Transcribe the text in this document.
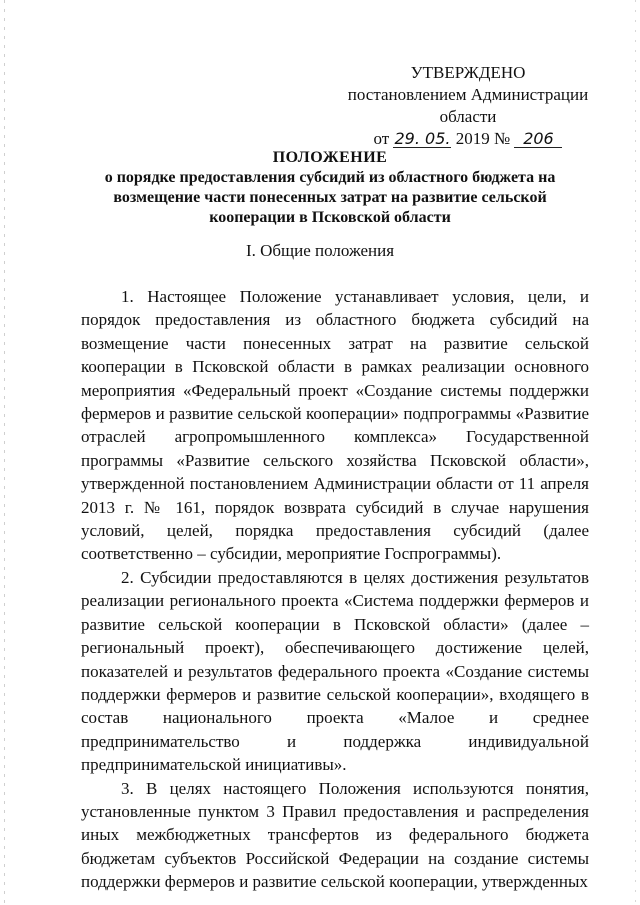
УТВЕРЖДЕНО
постановлением Администрации области
от 29. 05. 2019 № 206
ПОЛОЖЕНИЕ
о порядке предоставления субсидий из областного бюджета на возмещение части понесенных затрат на развитие сельской кооперации в Псковской области
I. Общие положения

1. Настоящее Положение устанавливает условия, цели, и порядок предоставления из областного бюджета субсидий на возмещение части понесенных затрат на развитие сельской кооперации в Псковской области в рамках реализации основного мероприятия «Федеральный проект «Создание системы поддержки фермеров и развитие сельской кооперации» подпрограммы «Развитие отраслей агропромышленного комплекса» Государственной программы «Развитие сельского хозяйства Псковской области», утвержденной постановлением Администрации области от 11 апреля 2013 г. № 161, порядок возврата субсидий в случае нарушения условий, целей, порядка предоставления субсидий (далее соответственно – субсидии, мероприятие Госпрограммы).

2. Субсидии предоставляются в целях достижения результатов реализации регионального проекта «Система поддержки фермеров и развитие сельской кооперации в Псковской области» (далее – региональный проект), обеспечивающего достижение целей, показателей и результатов федерального проекта «Создание системы поддержки фермеров и развитие сельской кооперации», входящего в состав национального проекта «Малое и среднее предпринимательство и поддержка индивидуальной предпринимательской инициативы».

3. В целях настоящего Положения используются понятия, установленные пунктом 3 Правил предоставления и распределения иных межбюджетных трансфертов из федерального бюджета бюджетам субъектов Российской Федерации на создание системы поддержки фермеров и развитие сельской кооперации, утвержденных
